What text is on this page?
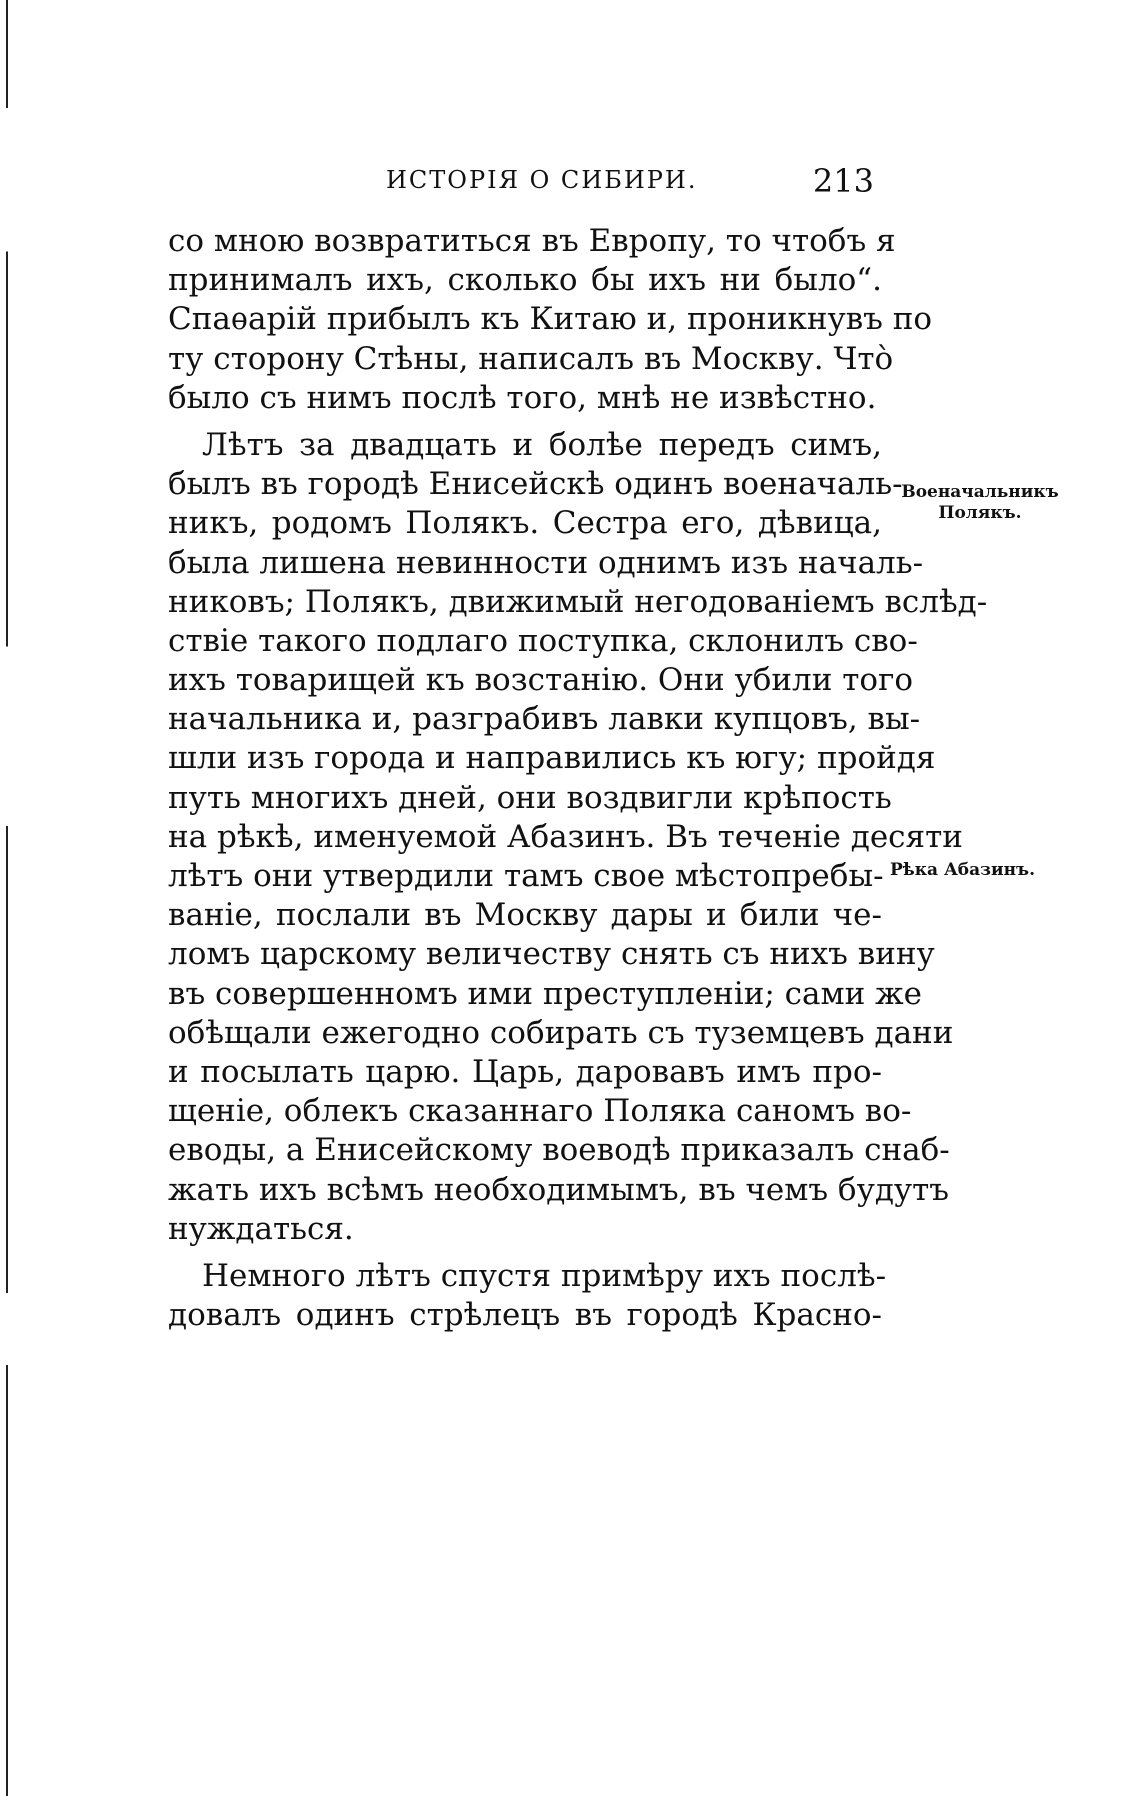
ИСТОРІЯ О СИБИРИ.	213
со мною возвратиться въ Европу, то чтобъ я
принималъ ихъ, сколько бы ихъ ни было“.
Спаѳарій прибылъ къ Китаю и, проникнувъ по
ту сторону Стѣны, написалъ въ Москву. Чтò
было съ нимъ послѣ того, мнѣ не извѣстно.
Лѣтъ за двадцать и болѣе передъ симъ,
былъ въ городѣ Енисейскѣ одинъ военачаль-
никъ, родомъ Полякъ. Сестра его, дѣвица,
была лишена невинности однимъ изъ началь-
никовъ; Полякъ, движимый негодованіемъ вслѣд-
ствіе такого подлаго поступка, склонилъ сво-
ихъ товарищей къ возстанію. Они убили того
начальника и, разграбивъ лавки купцовъ, вы-
шли изъ города и направились къ югу; пройдя
путь многихъ дней, они воздвигли крѣпость
на рѣкѣ, именуемой Абазинъ. Въ теченіе десяти
лѣтъ они утвердили тамъ свое мѣстопребы-
ваніе, послали въ Москву дары и били че-
ломъ царскому величеству снять съ нихъ вину
въ совершенномъ ими преступленіи; сами же
обѣщали ежегодно собирать съ туземцевъ дани
и посылать царю. Царь, даровавъ имъ про-
щеніе, облекъ сказаннаго Поляка саномъ во-
еводы, а Енисейскому воеводѣ приказалъ снаб-
жать ихъ всѣмъ необходимымъ, въ чемъ будутъ
нуждаться.
Немного лѣтъ спустя примѣру ихъ послѣ-
довалъ одинъ стрѣлецъ въ городѣ Красно-
Военачальникъ
Полякъ.
Рѣка Абазинъ.
